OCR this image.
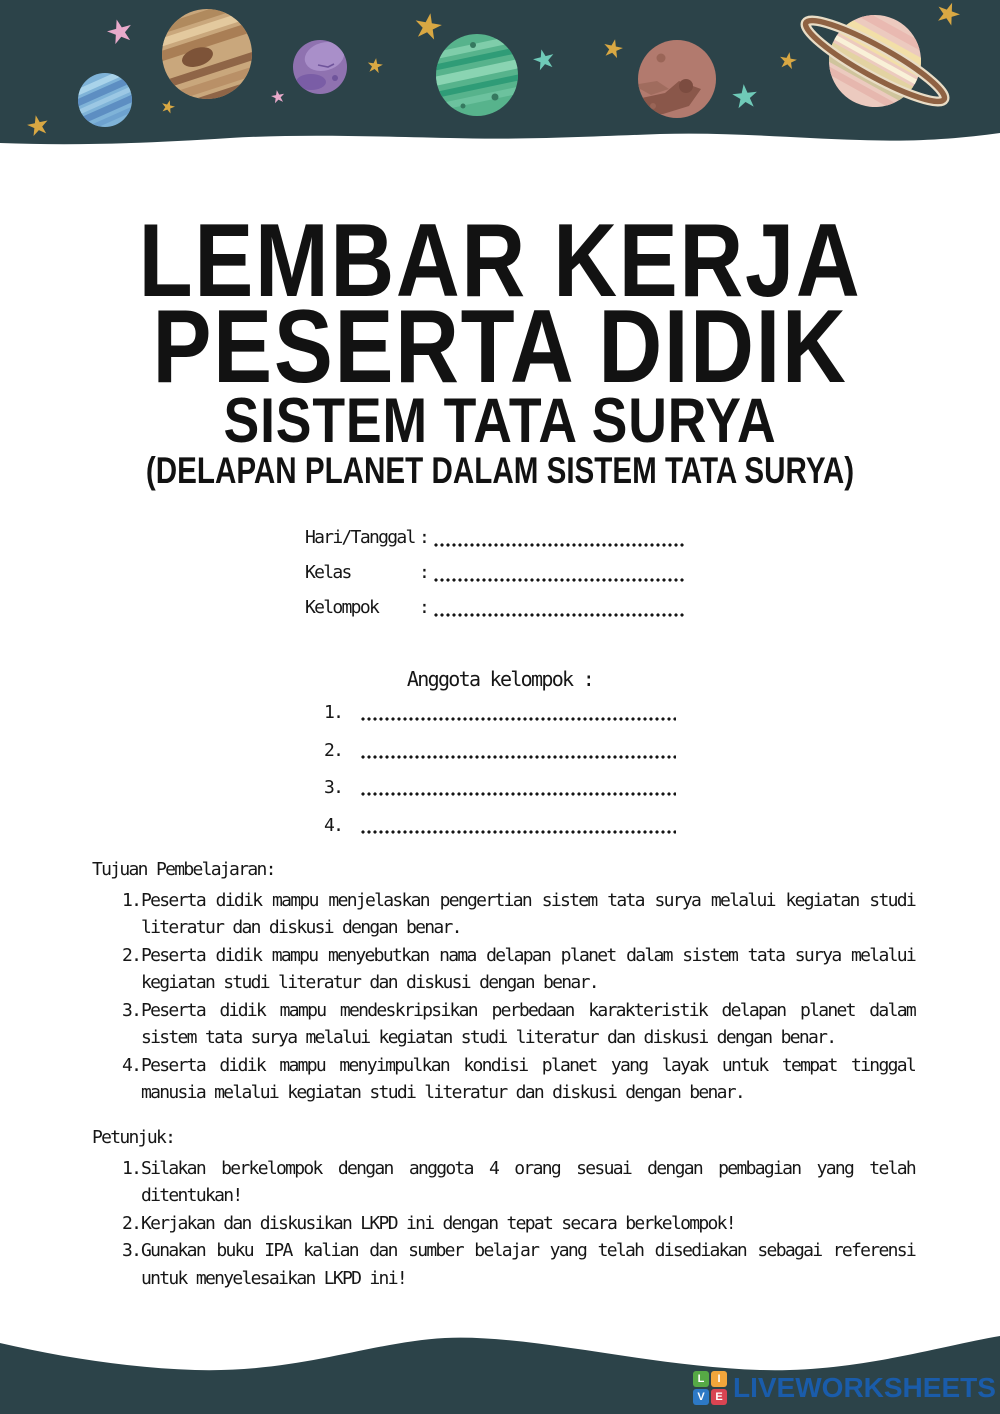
LEMBAR KERJA
PESERTA DIDIK
SISTEM TATA SURYA
(DELAPAN PLANET DALAM SISTEM TATA SURYA)
Hari/Tanggal :
Kelas	:
Kelompok	:
Anggota kelompok :
1.
2.
3.
4.
Tujuan Pembelajaran:
1. Peserta didik mampu menjelaskan pengertian sistem tata surya melalui kegiatan studi literatur dan diskusi dengan benar.
2. Peserta didik mampu menyebutkan nama delapan planet dalam sistem tata surya melalui kegiatan studi literatur dan diskusi dengan benar.
3. Peserta didik mampu mendeskripsikan perbedaan karakteristik delapan planet dalam sistem tata surya melalui kegiatan studi literatur dan diskusi dengan benar.
4. Peserta didik mampu menyimpulkan kondisi planet yang layak untuk tempat tinggal manusia melalui kegiatan studi literatur dan diskusi dengan benar.
Petunjuk:
1. Silakan berkelompok dengan anggota 4 orang sesuai dengan pembagian yang telah ditentukan!
2. Kerjakan dan diskusikan LKPD ini dengan tepat secara berkelompok!
3. Gunakan buku IPA kalian dan sumber belajar yang telah disediakan sebagai referensi untuk menyelesaikan LKPD ini!
L	I
V E LIVEWORKSHEETS
